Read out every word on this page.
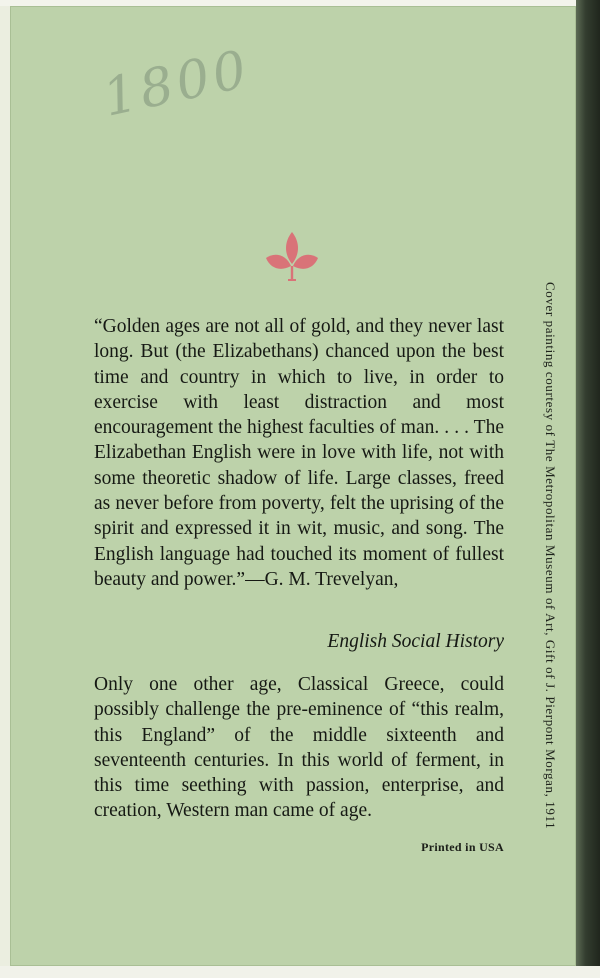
1800
“Golden ages are not all of gold, and they never last long. But (the Elizabethans) chanced upon the best time and country in which to live, in order to exercise with least distraction and most encouragement the highest faculties of man. . . . The Elizabethan English were in love with life, not with some theoretic shadow of life. Large classes, freed as never before from poverty, felt the uprising of the spirit and expressed it in wit, music, and song. The English language had touched its moment of fullest beauty and power.”—G. M. Trevelyan,
English Social History
Only one other age, Classical Greece, could possibly challenge the pre-eminence of “this realm, this England” of the middle sixteenth and seventeenth centuries. In this world of ferment, in this time seething with passion, enterprise, and creation, Western man came of age.
Printed in USA
Cover painting courtesy of The Metropolitan Museum of Art, Gift of J. Pierpont Morgan, 1911
